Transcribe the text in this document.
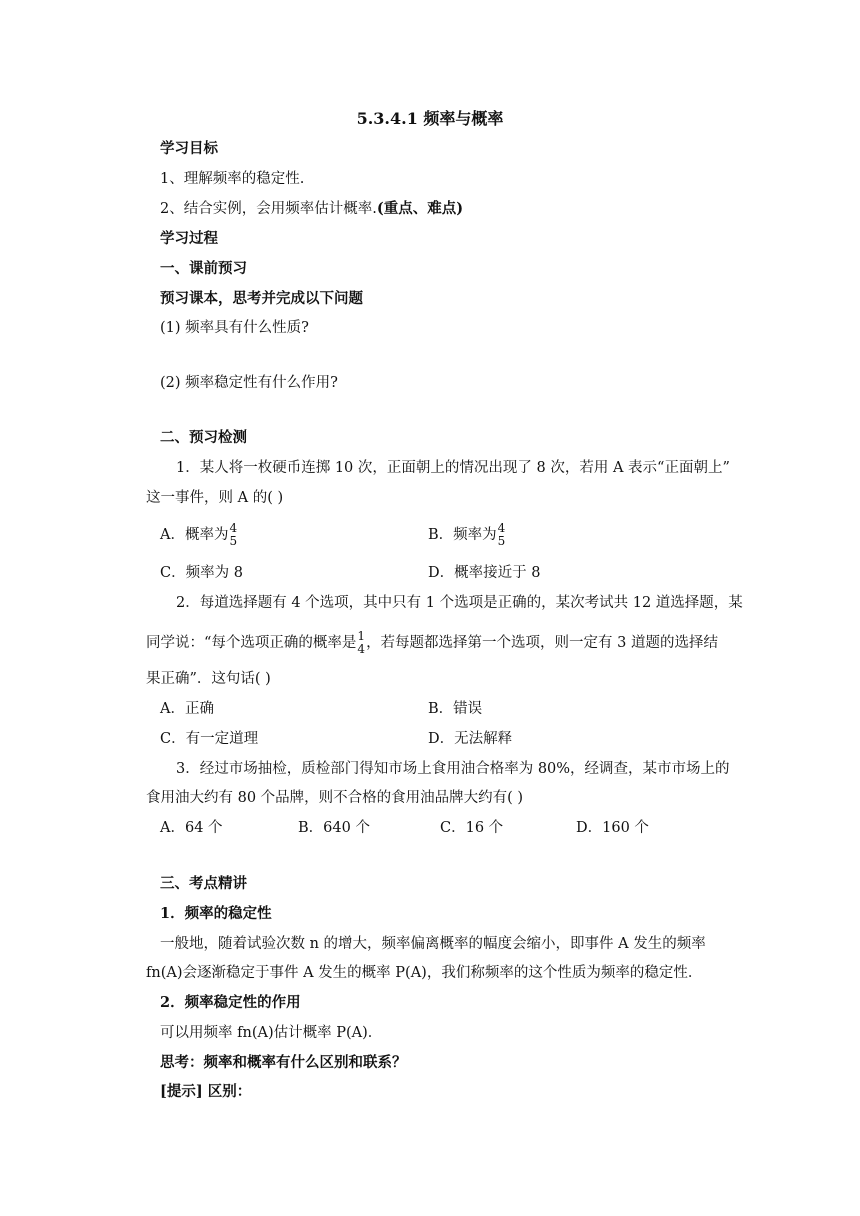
5.3.4.1 频率与概率
学习目标
1、理解频率的稳定性.
2、结合实例，会用频率估计概率.(重点、难点)
学习过程
一、课前预习
预习课本，思考并完成以下问题
(1) 频率具有什么性质?
(2) 频率稳定性有什么作用?
二、预习检测
1．某人将一枚硬币连掷 10 次，正面朝上的情况出现了 8 次，若用 A 表示“正面朝上”
这一事件，则 A 的( )
A．概率为 4
5	B．频率为 4
5
C．频率为 8	D．概率接近于 8
2．每道选择题有 4 个选项，其中只有 1 个选项是正确的，某次考试共 12 道选择题，某
同学说：“每个选项正确的概率是 1
4 ，若每题都选择第一个选项，则一定有 3 道题的选择结
果正确”．这句话( )
A．正确	B．错误
C．有一定道理	D．无法解释
3．经过市场抽检，质检部门得知市场上食用油合格率为 80%，经调查，某市市场上的
食用油大约有 80 个品牌，则不合格的食用油品牌大约有( )
A．64 个	B．640 个	C．16 个	D．160 个
三、考点精讲
1．频率的稳定性
一般地，随着试验次数 n 的增大，频率偏离概率的幅度会缩小，即事件 A 发生的频率
fn(A)会逐渐稳定于事件 A 发生的概率 P(A)，我们称频率的这个性质为频率的稳定性．
2．频率稳定性的作用
可以用频率 fn(A)估计概率 P(A)．
思考：频率和概率有什么区别和联系？
[提示] 区别：
